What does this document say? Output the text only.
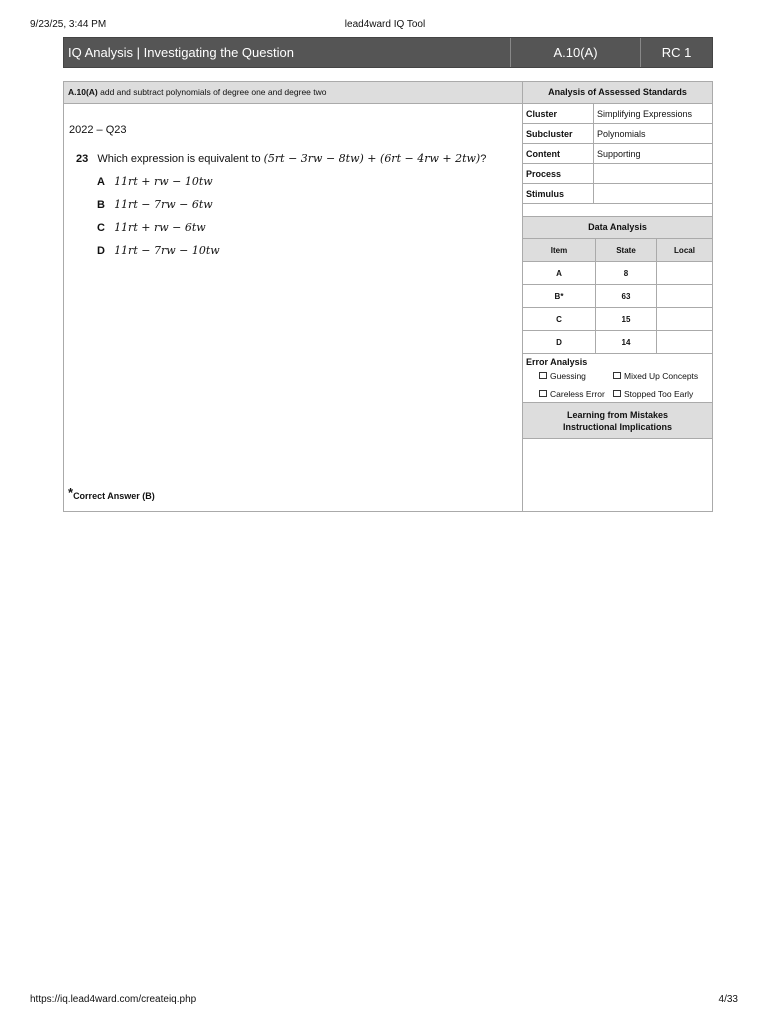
9/23/25, 3:44 PM	lead4ward IQ Tool
IQ Analysis | Investigating the Question	A.10(A)	RC 1
A.10(A) add and subtract polynomials of degree one and degree two
2022 – Q23
23 Which expression is equivalent to (5rt − 3rw − 8tw) + (6rt − 4rw + 2tw)?
A 11rt + rw − 10tw
B 11rt − 7rw − 6tw
C 11rt + rw − 6tw
D 11rt − 7rw − 10tw
*Correct Answer (B)
Analysis of Assessed Standards
Cluster	Simplifying Expressions
Subcluster	Polynomials
Content	Supporting
Process	
Stimulus	
Data Analysis
Item	State	Local
A	8	
B*	63	
C	15	
D	14	
Error Analysis
Guessing	Mixed Up Concepts
Careless Error	Stopped Too Early
Learning from Mistakes
Instructional Implications
https://iq.lead4ward.com/createiq.php	4/33
